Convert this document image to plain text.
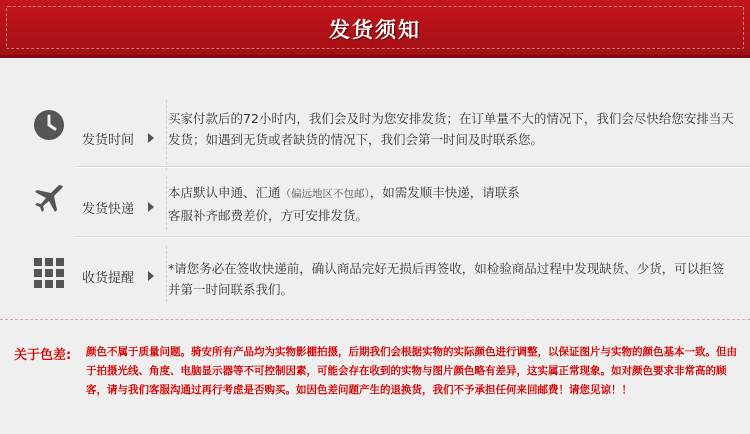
发货须知
发货时间
买家付款后的72小时内，我们会及时为您安排发货；在订单量不大的情况下，我们会尽快给您安排当天发货；如遇到无货或者缺货的情况下，我们会第一时间及时联系您。
发货快递
本店默认申通、汇通（偏远地区不包邮），如需发顺丰快递，请联系客服补齐邮费差价，方可安排发货。
收货提醒
*请您务必在签收快递前，确认商品完好无损后再签收，如检验商品过程中发现缺货、少货，可以拒签并第一时间联系我们。
关于色差: 颜色不属于质量问题。骑安所有产品均为实物影棚拍摄，后期我们会根据实物的实际颜色进行调整，以保证图片与实物的颜色基本一致。但由于拍摄光线、角度、电脑显示器等不可控制因素，可能会存在收到的实物与图片颜色略有差异，这实属正常现象。如对颜色要求非常高的顾客，请与我们客服沟通过再行考虑是否购买。如因色差问题产生的退换货，我们不予承担任何来回邮费！请您见谅！！
